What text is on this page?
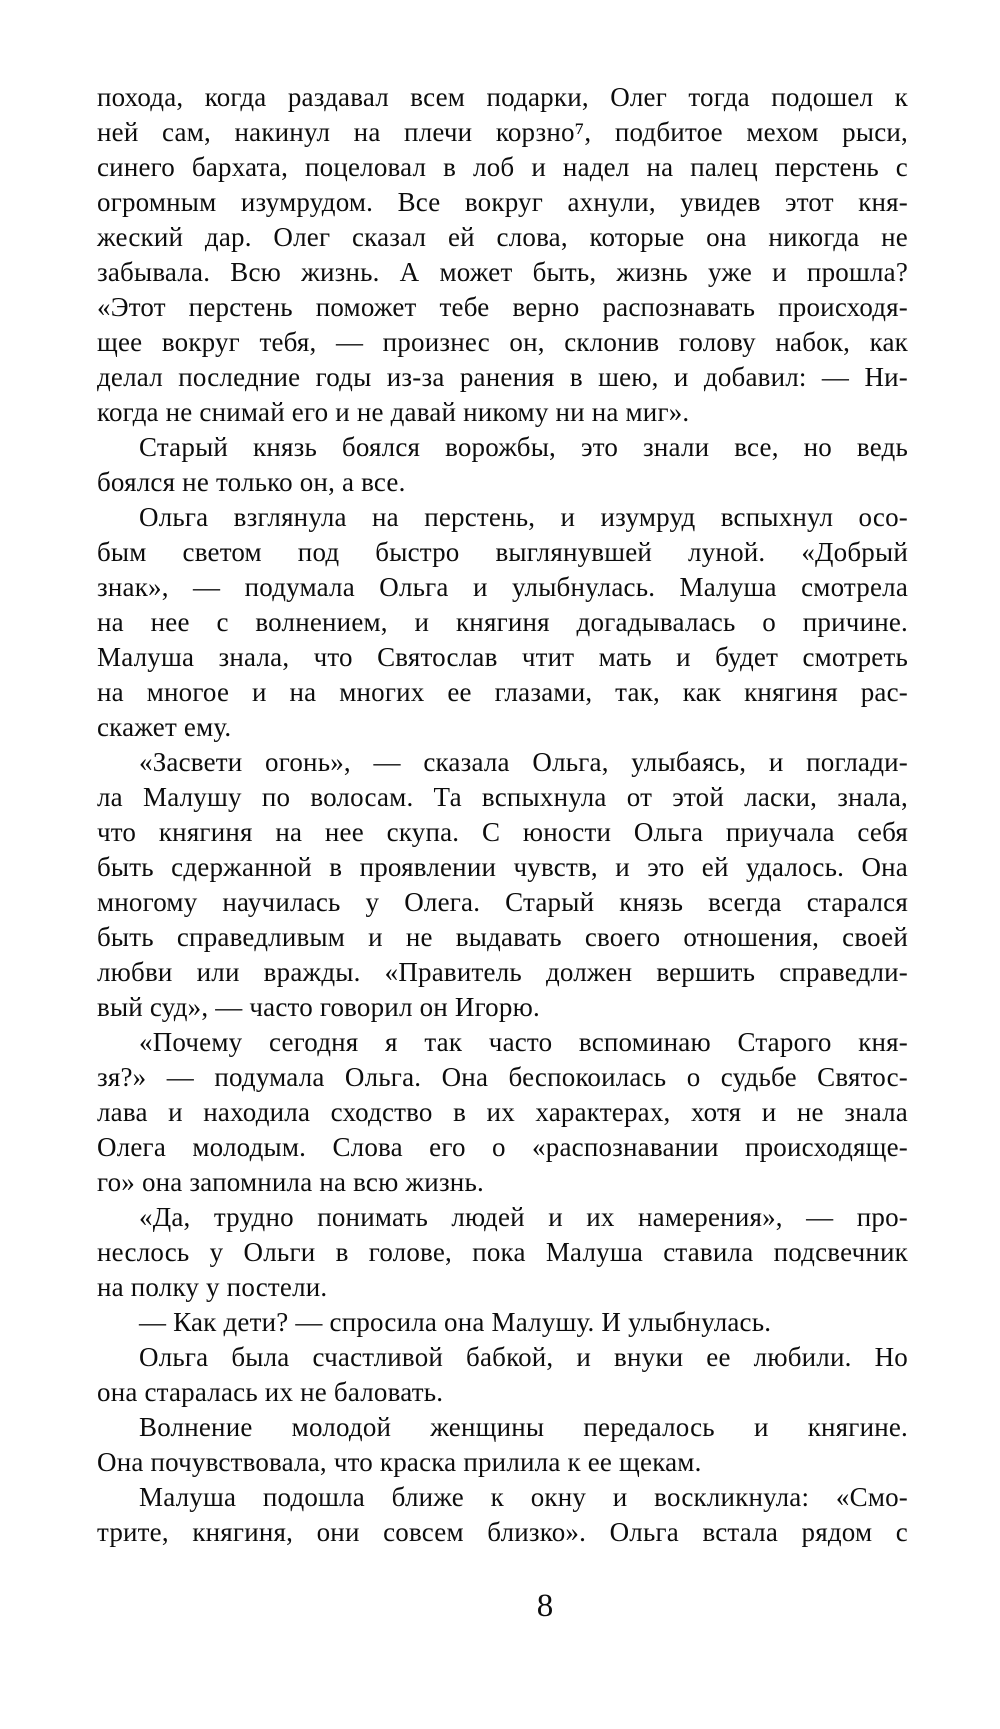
похода, когда раздавал всем подарки, Олег тогда подошел к
ней сам, накинул на плечи корзно⁷, подбитое мехом рыси,
синего бархата, поцеловал в лоб и надел на палец перстень с
огромным изумрудом. Все вокруг ахнули, увидев этот кня-
жеский дар. Олег сказал ей слова, которые она никогда не
забывала. Всю жизнь. А может быть, жизнь уже и прошла?
«Этот перстень поможет тебе верно распознавать происходя-
щее вокруг тебя, — произнес он, склонив голову набок, как
делал последние годы из-за ранения в шею, и добавил: — Ни-
когда не снимай его и не давай никому ни на миг».
Старый князь боялся ворожбы, это знали все, но ведь
боялся не только он, а все.
Ольга взглянула на перстень, и изумруд вспыхнул осо-
бым светом под быстро выглянувшей луной. «Добрый
знак», — подумала Ольга и улыбнулась. Малуша смотрела
на нее с волнением, и княгиня догадывалась о причине.
Малуша знала, что Святослав чтит мать и будет смотреть
на многое и на многих ее глазами, так, как княгиня рас-
скажет ему.
«Засвети огонь», — сказала Ольга, улыбаясь, и поглади-
ла Малушу по волосам. Та вспыхнула от этой ласки, знала,
что княгиня на нее скупа. С юности Ольга приучала себя
быть сдержанной в проявлении чувств, и это ей удалось. Она
многому научилась у Олега. Старый князь всегда старался
быть справедливым и не выдавать своего отношения, своей
любви или вражды. «Правитель должен вершить справедли-
вый суд», — часто говорил он Игорю.
«Почему сегодня я так часто вспоминаю Старого кня-
зя?» — подумала Ольга. Она беспокоилась о судьбе Святос-
лава и находила сходство в их характерах, хотя и не знала
Олега молодым. Слова его о «распознавании происходяще-
го» она запомнила на всю жизнь.
«Да, трудно понимать людей и их намерения», — про-
неслось у Ольги в голове, пока Малуша ставила подсвечник
на полку у постели.
— Как дети? — спросила она Малушу. И улыбнулась.
Ольга была счастливой бабкой, и внуки ее любили. Но
она старалась их не баловать.
Волнение молодой женщины передалось и княгине.
Она почувствовала, что краска прилила к ее щекам.
Малуша подошла ближе к окну и воскликнула: «Смо-
трите, княгиня, они совсем близко». Ольга встала рядом с
8
